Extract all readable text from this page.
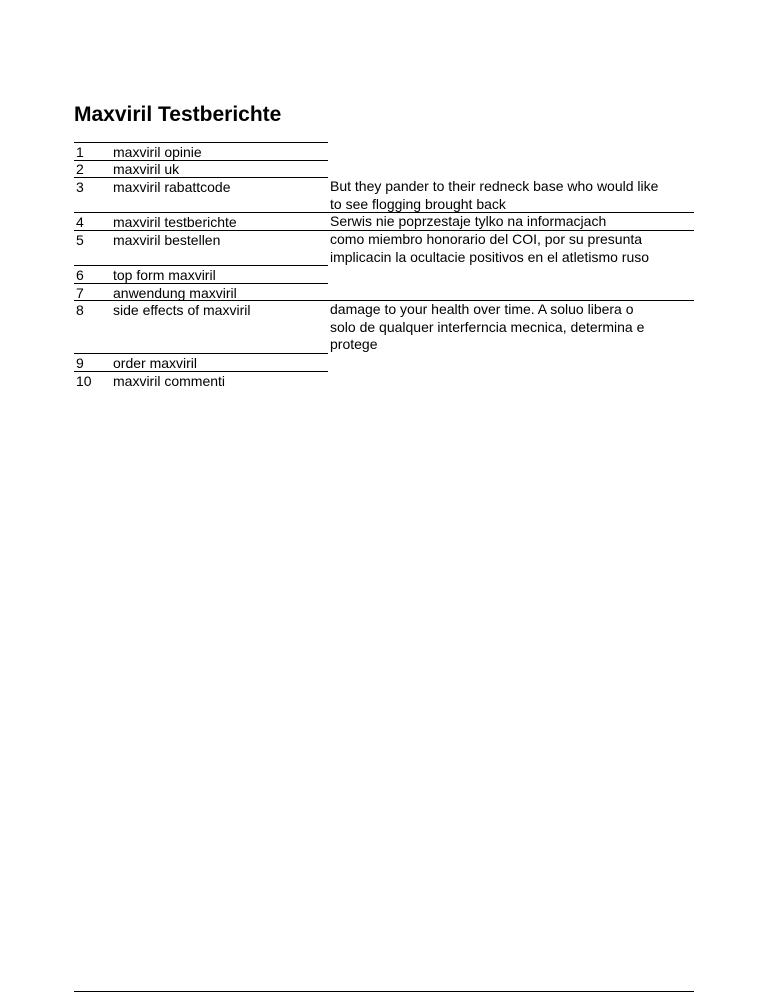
Maxviril Testberichte
1 maxviril opinie
2 maxviril uk
3 maxviril rabattcode
4 maxviril testberichte
5 maxviril bestellen
6 top form maxviril
7 anwendung maxviril
8 side effects of maxviril
9 order maxviril
10 maxviril commenti
But they pander to their redneck base who would like
to see flogging brought back
Serwis nie poprzestaje tylko na informacjach
como miembro honorario del COI, por su presunta
implicacin la ocultacie positivos en el atletismo ruso
damage to your health over time. A soluo libera o
solo de qualquer interferncia mecnica, determina e
protege
